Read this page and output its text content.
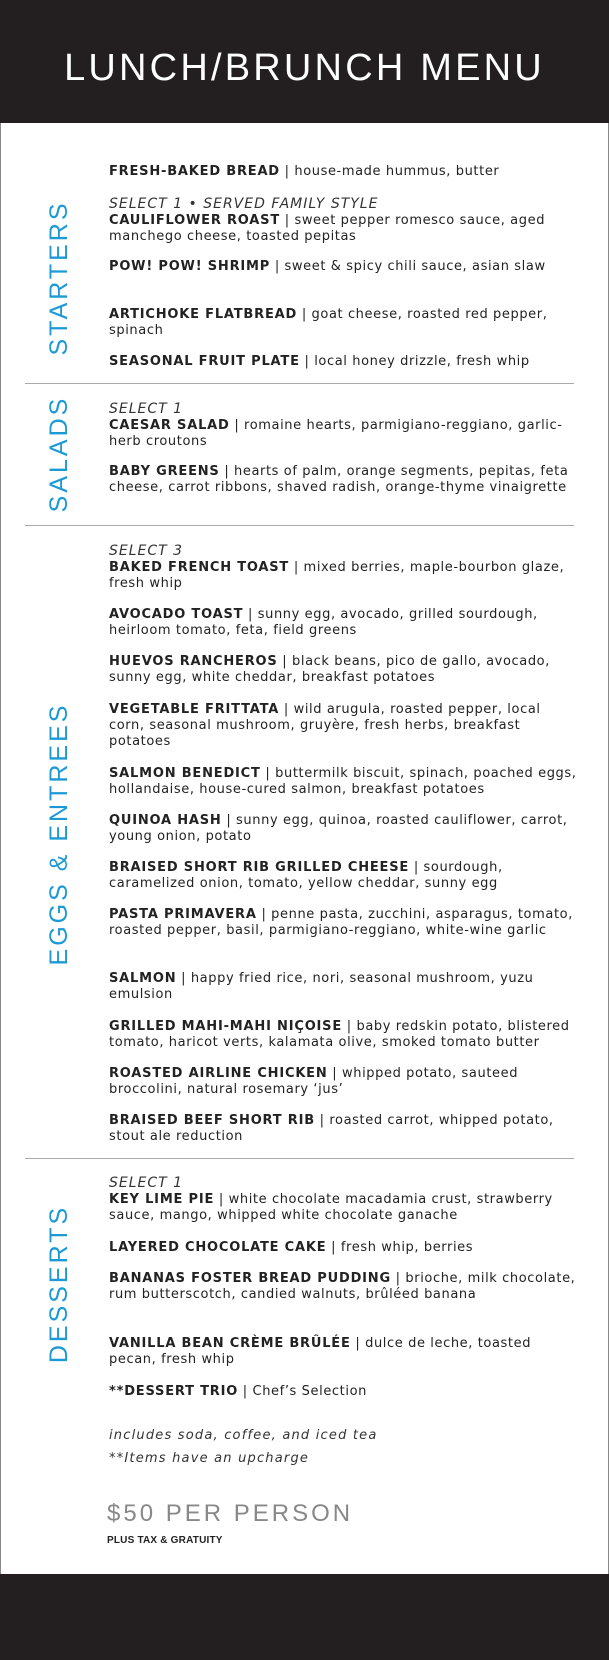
LUNCH/BRUNCH MENU
STARTERS
SALADS
EGGS & ENTREES
DESSERTS
FRESH-BAKED BREAD | house-made hummus, butter
SELECT 1 • SERVED FAMILY STYLE
CAULIFLOWER ROAST | sweet pepper romesco sauce, aged manchego cheese, toasted pepitas
POW! POW! SHRIMP | sweet & spicy chili sauce, asian slaw
ARTICHOKE FLATBREAD | goat cheese, roasted red pepper, spinach
SEASONAL FRUIT PLATE | local honey drizzle, fresh whip
SELECT 1
CAESAR SALAD | romaine hearts, parmigiano-reggiano, garlic-herb croutons
BABY GREENS | hearts of palm, orange segments, pepitas, feta cheese, carrot ribbons, shaved radish, orange-thyme vinaigrette
SELECT 3
BAKED FRENCH TOAST | mixed berries, maple-bourbon glaze, fresh whip
AVOCADO TOAST | sunny egg, avocado, grilled sourdough, heirloom tomato, feta, field greens
HUEVOS RANCHEROS | black beans, pico de gallo, avocado, sunny egg, white cheddar, breakfast potatoes
VEGETABLE FRITTATA | wild arugula, roasted pepper, local corn, seasonal mushroom, gruyère, fresh herbs, breakfast potatoes
SALMON BENEDICT | buttermilk biscuit, spinach, poached eggs, hollandaise, house-cured salmon, breakfast potatoes
QUINOA HASH | sunny egg, quinoa, roasted cauliflower, carrot, young onion, potato
BRAISED SHORT RIB GRILLED CHEESE | sourdough, caramelized onion, tomato, yellow cheddar, sunny egg
PASTA PRIMAVERA | penne pasta, zucchini, asparagus, tomato, roasted pepper, basil, parmigiano-reggiano, white-wine garlic
SALMON | happy fried rice, nori, seasonal mushroom, yuzu emulsion
GRILLED MAHI-MAHI NIÇOISE | baby redskin potato, blistered tomato, haricot verts, kalamata olive, smoked tomato butter
ROASTED AIRLINE CHICKEN | whipped potato, sauteed broccolini, natural rosemary ‘jus’
BRAISED BEEF SHORT RIB | roasted carrot, whipped potato, stout ale reduction
SELECT 1
KEY LIME PIE | white chocolate macadamia crust, strawberry sauce, mango, whipped white chocolate ganache
LAYERED CHOCOLATE CAKE | fresh whip, berries
BANANAS FOSTER BREAD PUDDING | brioche, milk chocolate, rum butterscotch, candied walnuts, brûléed banana
VANILLA BEAN CRÈME BRÛLÉE | dulce de leche, toasted pecan, fresh whip
**DESSERT TRIO | Chef’s Selection
includes soda, coffee, and iced tea
**Items have an upcharge
$50 PER PERSON
PLUS TAX & GRATUITY
